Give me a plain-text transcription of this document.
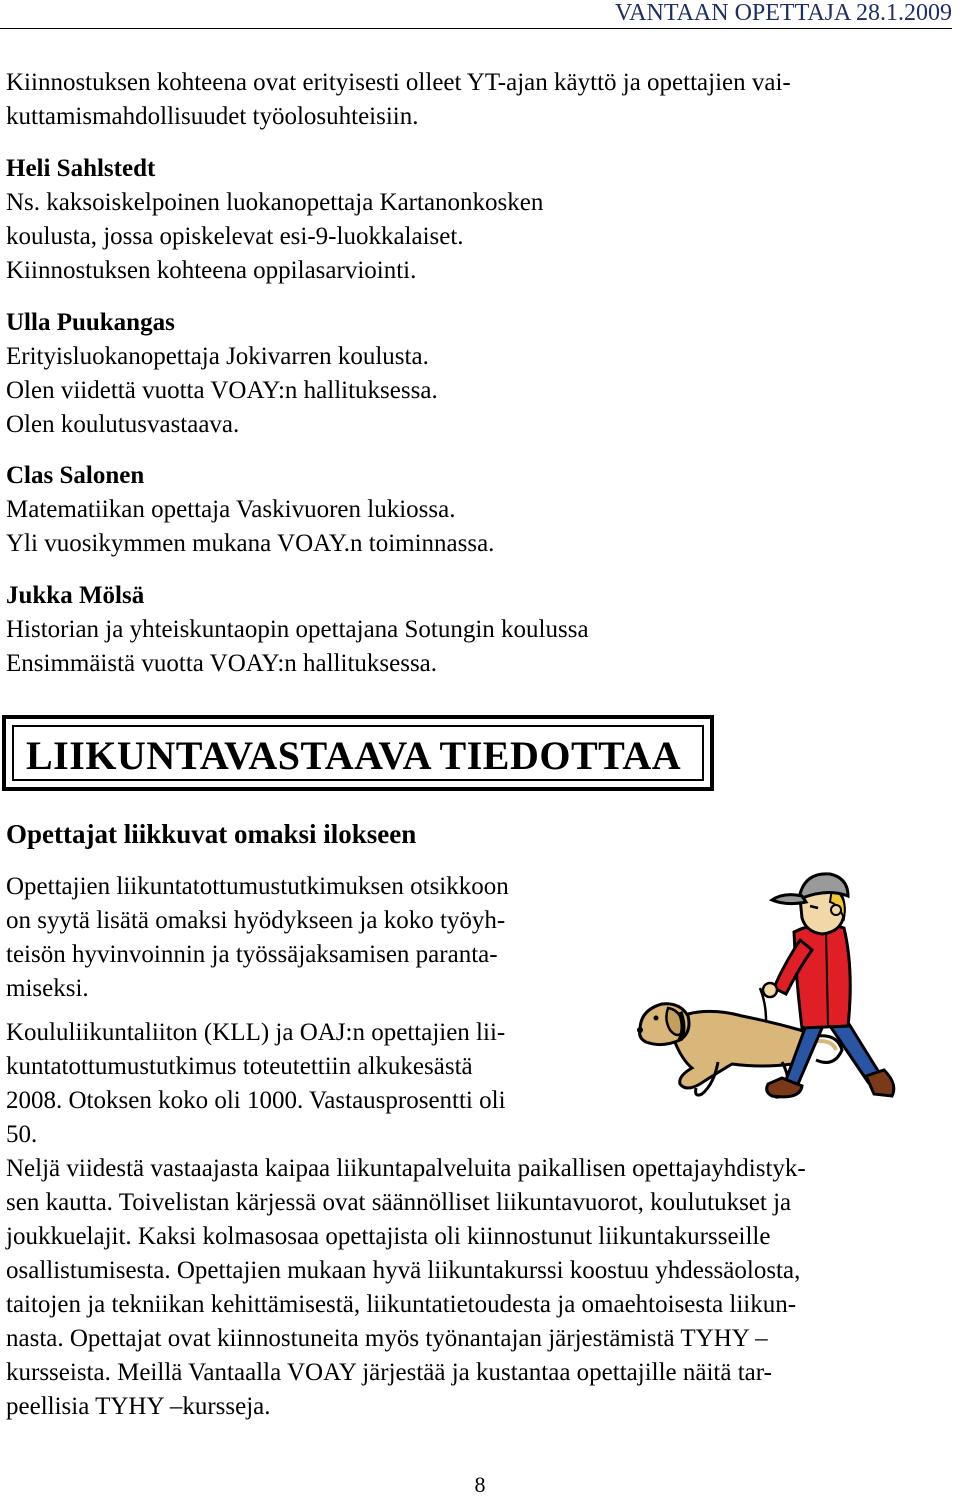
VANTAAN OPETTAJA 28.1.2009
Kiinnostuksen kohteena ovat erityisesti olleet YT-ajan käyttö ja opettajien vai-
kuttamismahdollisuudet työolosuhteisiin.
Heli Sahlstedt
Ns. kaksoiskelpoinen luokanopettaja Kartanonkosken
koulusta, jossa opiskelevat esi-9-luokkalaiset.
Kiinnostuksen kohteena oppilasarviointi.
Ulla Puukangas
Erityisluokanopettaja Jokivarren koulusta.
Olen viidettä vuotta VOAY:n hallituksessa.
Olen koulutusvastaava.
Clas Salonen
Matematiikan opettaja Vaskivuoren lukiossa.
Yli vuosikymmen mukana VOAY.n toiminnassa.
Jukka Mölsä
Historian ja yhteiskuntaopin opettajana Sotungin koulussa
Ensimmäistä vuotta VOAY:n hallituksessa.
LIIKUNTAVASTAAVA TIEDOTTAA
Opettajat liikkuvat omaksi ilokseen
Opettajien liikuntatottumustutkimuksen otsikkoon
on syytä lisätä omaksi hyödykseen ja koko työyh-
teisön hyvinvoinnin ja työssäjaksamisen paranta-
miseksi.
Koululiikuntaliiton (KLL) ja OAJ:n opettajien lii-
kuntatottumustutkimus toteutettiin alkukesästä
2008. Otoksen koko oli 1000. Vastausprosentti oli
50.
Neljä viidestä vastaajasta kaipaa liikuntapalveluita paikallisen opettajayhdistyk-
sen kautta. Toivelistan kärjessä ovat säännölliset liikuntavuorot, koulutukset ja
joukkuelajit. Kaksi kolmasosaa opettajista oli kiinnostunut liikuntakursseille
osallistumisesta. Opettajien mukaan hyvä liikuntakurssi koostuu yhdessäolosta,
taitojen ja tekniikan kehittämisestä, liikuntatietoudesta ja omaehtoisesta liikun-
nasta. Opettajat ovat kiinnostuneita myös työnantajan järjestämistä TYHY –
kursseista. Meillä Vantaalla VOAY järjestää ja kustantaa opettajille näitä tar-
peellisia TYHY –kursseja.
8
